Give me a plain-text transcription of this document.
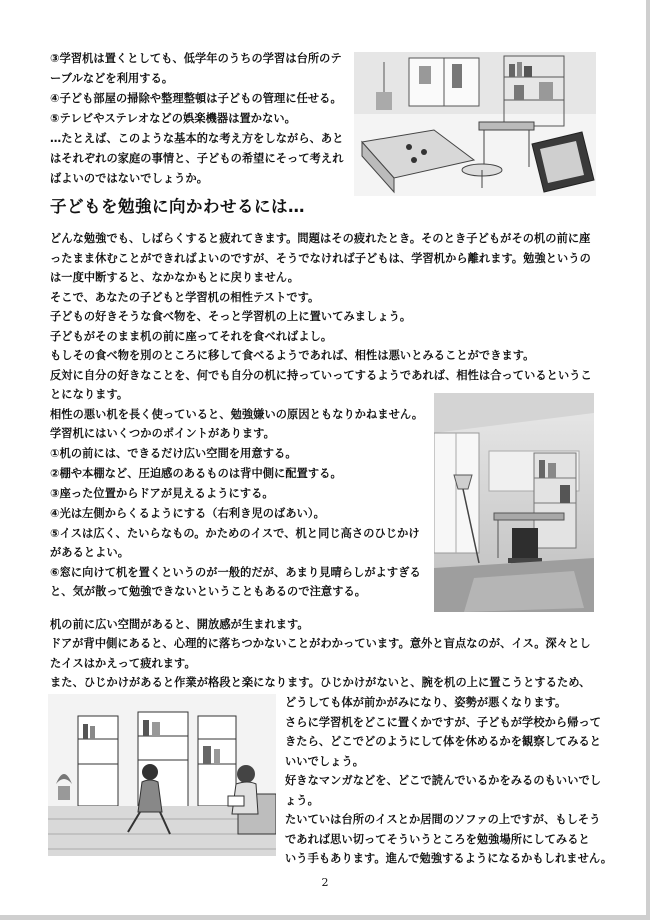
③学習机は置くとしても、低学年のうちの学習は台所のテ
ーブルなどを利用する。
④子ども部屋の掃除や整理整頓は子どもの管理に任せる。
⑤テレビやステレオなどの娯楽機器は置かない。
…たとえば、このような基本的な考え方をしながら、あと
はそれぞれの家庭の事情と、子どもの希望にそって考えれ
ばよいのではないでしょうか。
子どもを勉強に向かわせるには…
どんな勉強でも、しばらくすると疲れてきます。問題はその疲れたとき。そのとき子どもがその机の前に座
ったまま休むことができればよいのですが、そうでなければ子どもは、学習机から離れます。勉強というの
は一度中断すると、なかなかもとに戻りません。
そこで、あなたの子どもと学習机の相性テストです。
子どもの好きそうな食べ物を、そっと学習机の上に置いてみましょう。
子どもがそのまま机の前に座ってそれを食べればよし。
もしその食べ物を別のところに移して食べるようであれば、相性は悪いとみることができます。
反対に自分の好きなことを、何でも自分の机に持っていってするようであれば、相性は合っているというこ
とになります。
相性の悪い机を長く使っていると、勉強嫌いの原因ともなりかねません。
学習机にはいくつかのポイントがあります。
①机の前には、できるだけ広い空間を用意する。
②棚や本棚など、圧迫感のあるものは背中側に配置する。
③座った位置からドアが見えるようにする。
④光は左側からくるようにする（右利き児のばあい）。
⑤イスは広く、たいらなもの。かためのイスで、机と同じ高さのひじかけ
があるとよい。
⑥窓に向けて机を置くというのが一般的だが、あまり見晴らしがよすぎる
と、気が散って勉強できないということもあるので注意する。
机の前に広い空間があると、開放感が生まれます。
ドアが背中側にあると、心理的に落ちつかないことがわかっています。意外と盲点なのが、イス。深々とし
たイスはかえって疲れます。
また、ひじかけがあると作業が格段と楽になります。ひじかけがないと、腕を机の上に置こうとするため、
どうしても体が前かがみになり、姿勢が悪くなります。
さらに学習机をどこに置くかですが、子どもが学校から帰って
きたら、どこでどのようにして体を休めるかを観察してみると
いいでしょう。
好きなマンガなどを、どこで読んでいるかをみるのもいいでし
ょう。
たいていは台所のイスとか居間のソファの上ですが、もしそう
であれば思い切ってそういうところを勉強場所にしてみると
いう手もあります。進んで勉強するようになるかもしれません。
2
